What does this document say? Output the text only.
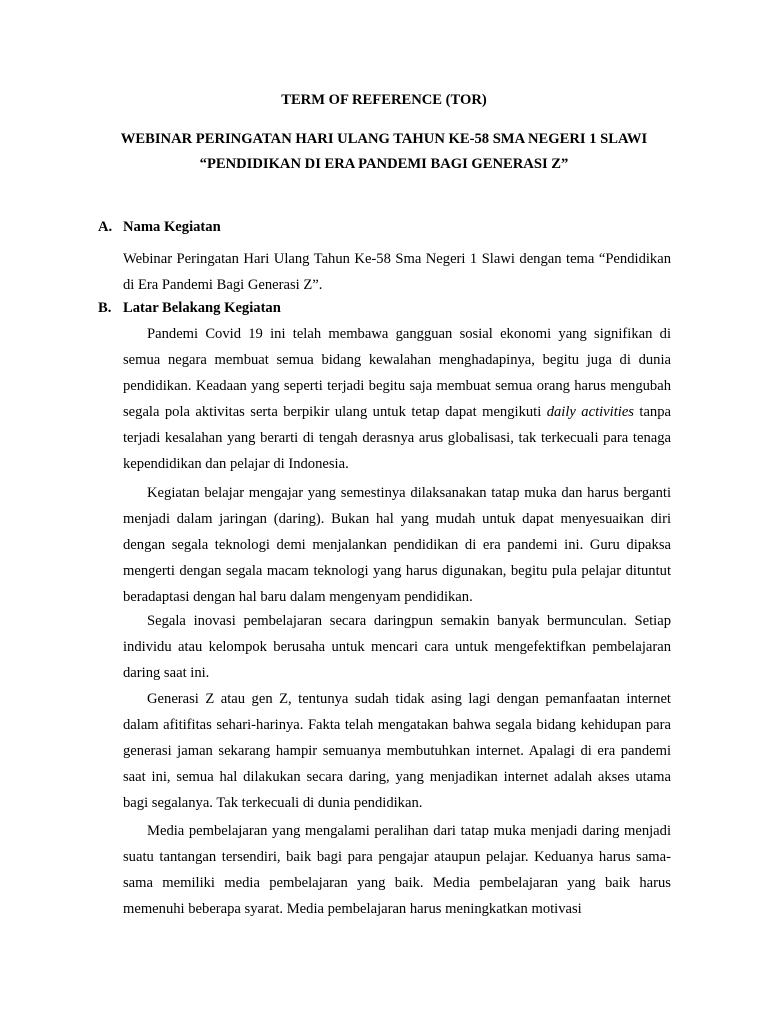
TERM OF REFERENCE (TOR)

WEBINAR PERINGATAN HARI ULANG TAHUN KE-58 SMA NEGERI 1 SLAWI

“PENDIDIKAN DI ERA PANDEMI BAGI GENERASI Z”

A. Nama Kegiatan

Webinar Peringatan Hari Ulang Tahun Ke-58 Sma Negeri 1 Slawi dengan tema “Pendidikan di Era Pandemi Bagi Generasi Z”.

B. Latar Belakang Kegiatan

Pandemi Covid 19 ini telah membawa gangguan sosial ekonomi yang signifikan di semua negara membuat semua bidang kewalahan menghadapinya, begitu juga di dunia pendidikan. Keadaan yang seperti terjadi begitu saja membuat semua orang harus mengubah segala pola aktivitas serta berpikir ulang untuk tetap dapat mengikuti daily activities tanpa terjadi kesalahan yang berarti di tengah derasnya arus globalisasi, tak terkecuali para tenaga kependidikan dan pelajar di Indonesia.

Kegiatan belajar mengajar yang semestinya dilaksanakan tatap muka dan harus berganti menjadi dalam jaringan (daring). Bukan hal yang mudah untuk dapat menyesuaikan diri dengan segala teknologi demi menjalankan pendidikan di era pandemi ini. Guru dipaksa mengerti dengan segala macam teknologi yang harus digunakan, begitu pula pelajar dituntut beradaptasi dengan hal baru dalam mengenyam pendidikan.

Segala inovasi pembelajaran secara daringpun semakin banyak bermunculan. Setiap individu atau kelompok berusaha untuk mencari cara untuk mengefektifkan pembelajaran daring saat ini.

Generasi Z atau gen Z, tentunya sudah tidak asing lagi dengan pemanfaatan internet dalam afitifitas sehari-harinya. Fakta telah mengatakan bahwa segala bidang kehidupan para generasi jaman sekarang hampir semuanya membutuhkan internet. Apalagi di era pandemi saat ini, semua hal dilakukan secara daring, yang menjadikan internet adalah akses utama bagi segalanya. Tak terkecuali di dunia pendidikan.

Media pembelajaran yang mengalami peralihan dari tatap muka menjadi daring menjadi suatu tantangan tersendiri, baik bagi para pengajar ataupun pelajar. Keduanya harus sama-sama memiliki media pembelajaran yang baik. Media pembelajaran yang baik harus memenuhi beberapa syarat. Media pembelajaran harus meningkatkan motivasi
